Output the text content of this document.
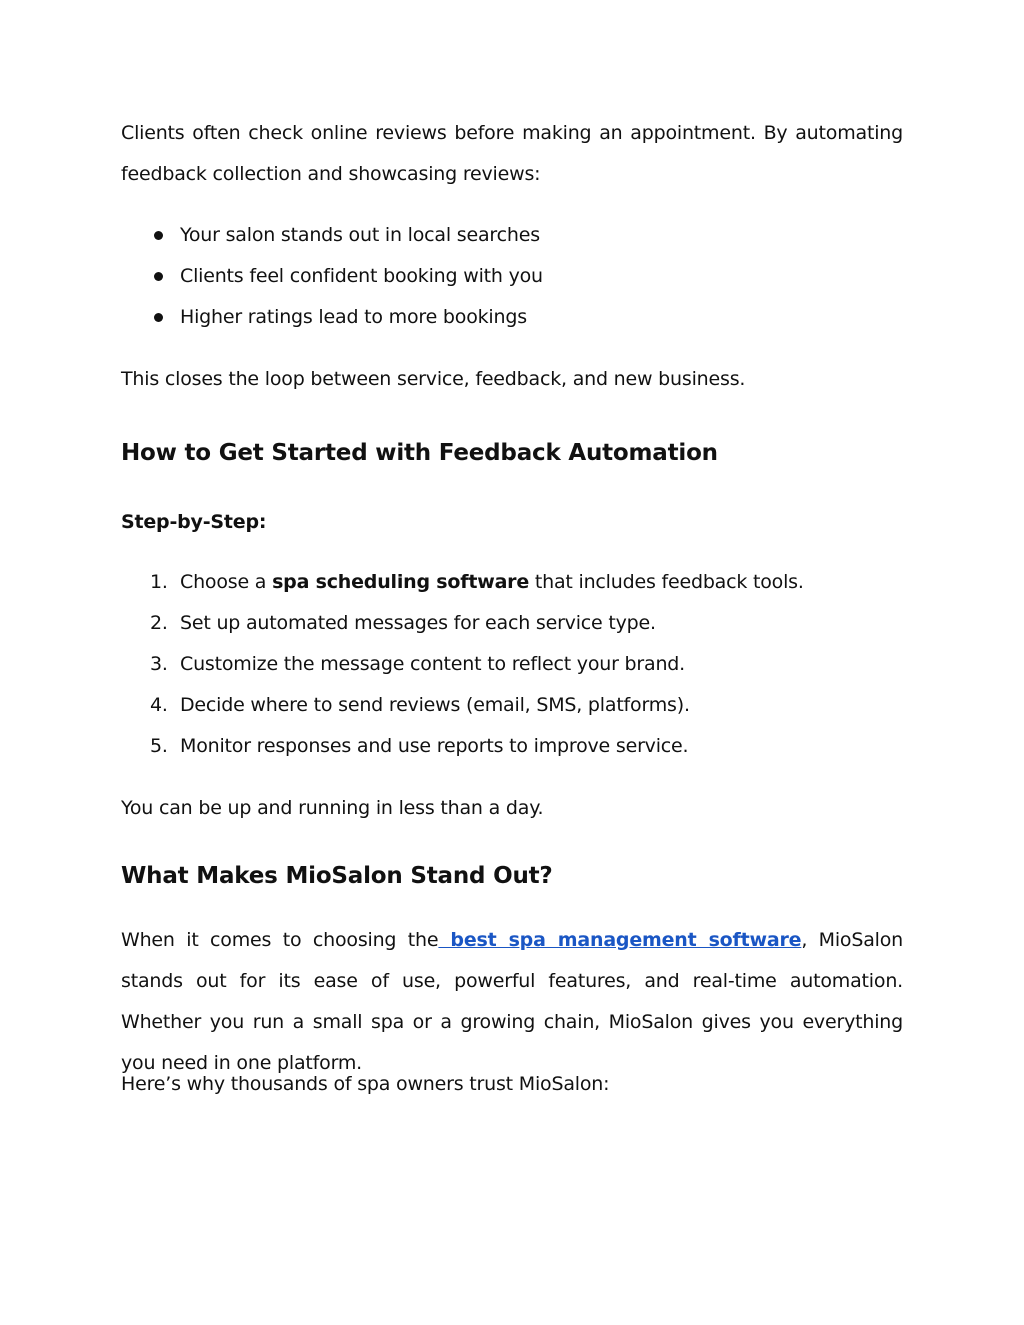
Clients often check online reviews before making an appointment. By automating feedback collection and showcasing reviews:

Your salon stands out in local searches
Clients feel confident booking with you
Higher ratings lead to more bookings

This closes the loop between service, feedback, and new business.

How to Get Started with Feedback Automation

Step-by-Step:

1. Choose a spa scheduling software that includes feedback tools.
2. Set up automated messages for each service type.
3. Customize the message content to reflect your brand.
4. Decide where to send reviews (email, SMS, platforms).
5. Monitor responses and use reports to improve service.

You can be up and running in less than a day.

What Makes MioSalon Stand Out?

When it comes to choosing the best spa management software, MioSalon stands out for its ease of use, powerful features, and real-time automation. Whether you run a small spa or a growing chain, MioSalon gives you everything you need in one platform.

Here’s why thousands of spa owners trust MioSalon:
